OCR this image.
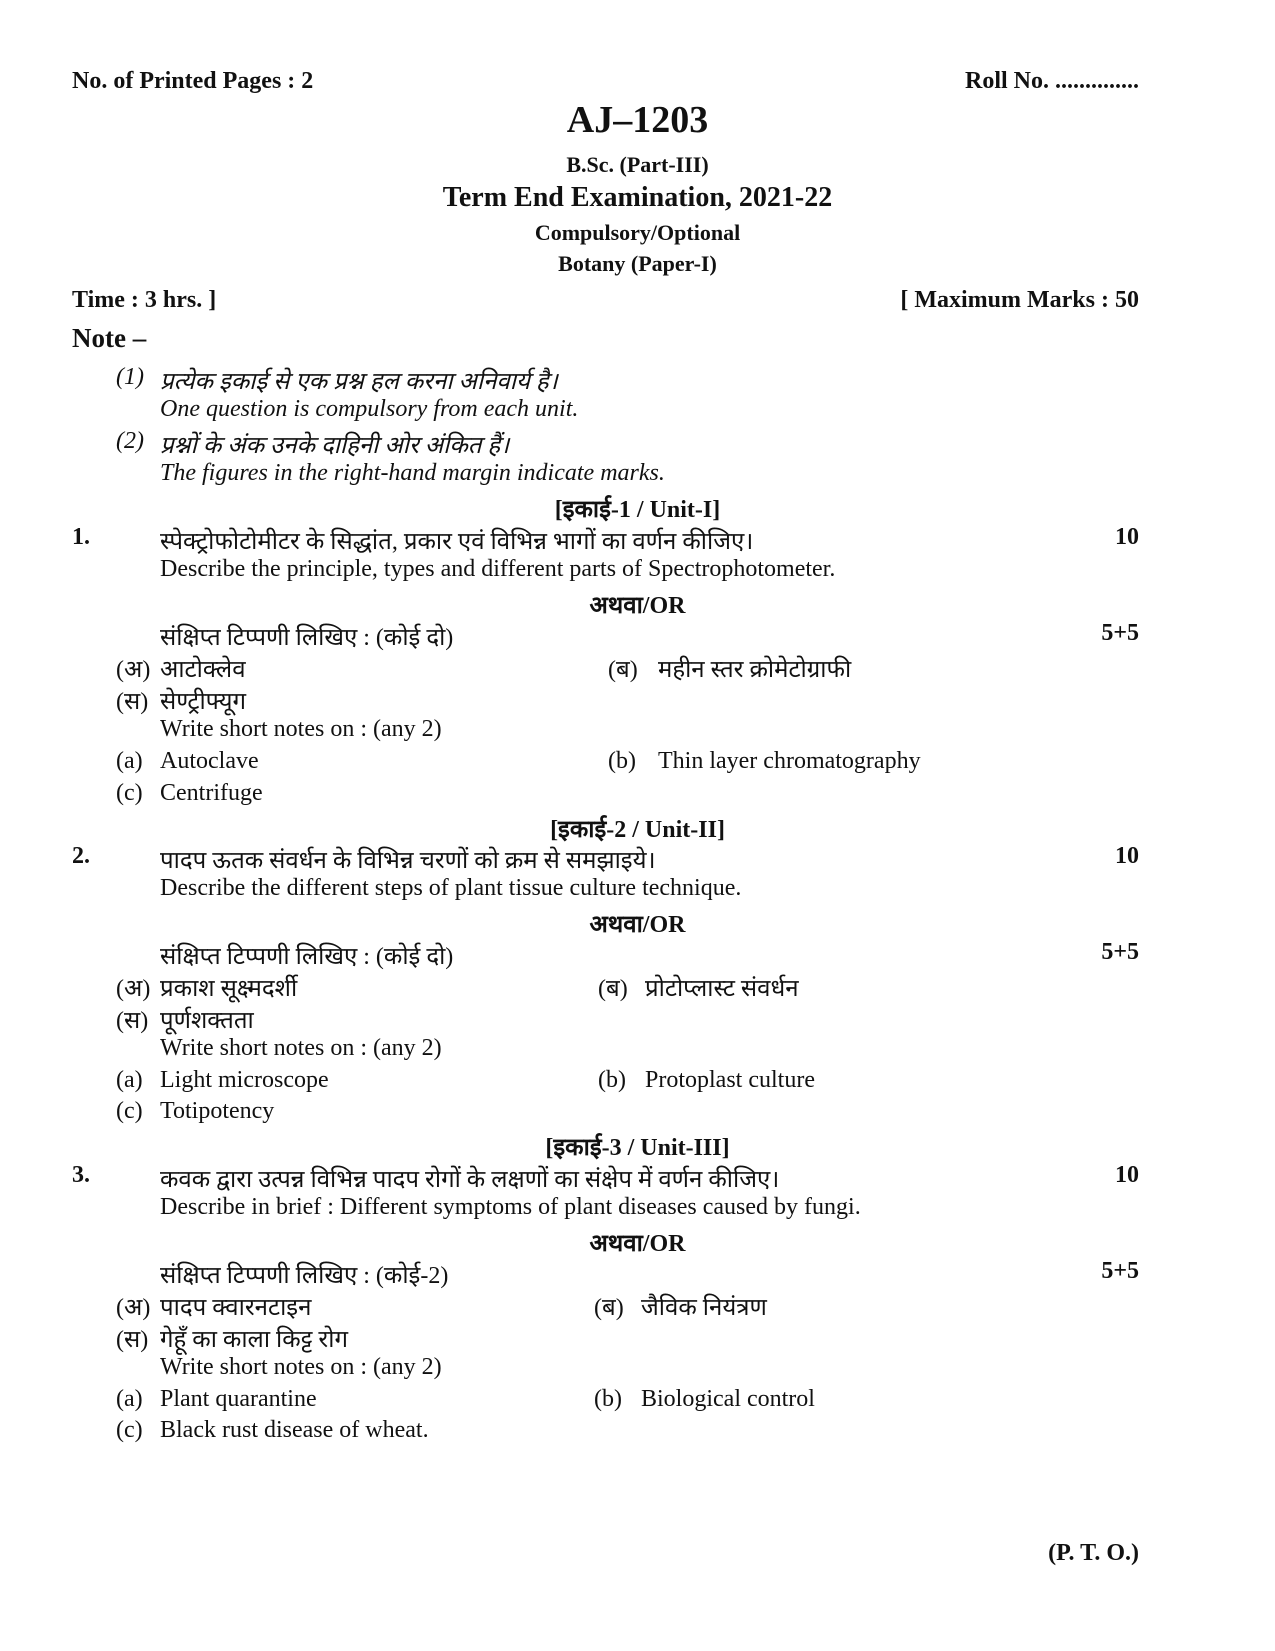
No. of Printed Pages : 2	Roll No. ..............
AJ–1203
B.Sc. (Part-III)
Term End Examination, 2021-22
Compulsory/Optional
Botany (Paper-I)
Time : 3 hrs. ]	[ Maximum Marks : 50
Note –
(1) प्रत्येक इकाई से एक प्रश्न हल करना अनिवार्य है।
One question is compulsory from each unit.
(2) प्रश्नों के अंक उनके दाहिनी ओर अंकित हैं।
The figures in the right-hand margin indicate marks.
[इकाई-1 / Unit-I]
1.	स्पेक्ट्रोफोटोमीटर के सिद्धांत, प्रकार एवं विभिन्न भागों का वर्णन कीजिए।	10
Describe the principle, types and different parts of Spectrophotometer.
अथवा/OR
संक्षिप्त टिप्पणी लिखिए : (कोई दो)	5+5
(अ) आटोक्लेव	(ब) महीन स्तर क्रोमेटोग्राफी
(स) सेण्ट्रीफ्यूग
Write short notes on : (any 2)
(a) Autoclave	(b) Thin layer chromatography
(c) Centrifuge
[इकाई-2 / Unit-II]
2.	पादप ऊतक संवर्धन के विभिन्न चरणों को क्रम से समझाइये।	10
Describe the different steps of plant tissue culture technique.
अथवा/OR
संक्षिप्त टिप्पणी लिखिए : (कोई दो)	5+5
(अ) प्रकाश सूक्ष्मदर्शी	(ब) प्रोटोप्लास्ट संवर्धन
(स) पूर्णशक्तता
Write short notes on : (any 2)
(a) Light microscope	(b) Protoplast culture
(c) Totipotency
[इकाई-3 / Unit-III]
3.	कवक द्वारा उत्पन्न विभिन्न पादप रोगों के लक्षणों का संक्षेप में वर्णन कीजिए।	10
Describe in brief : Different symptoms of plant diseases caused by fungi.
अथवा/OR
संक्षिप्त टिप्पणी लिखिए : (कोई-2)	5+5
(अ) पादप क्वारनटाइन	(ब) जैविक नियंत्रण
(स) गेहूँ का काला किट्ट रोग
Write short notes on : (any 2)
(a) Plant quarantine	(b) Biological control
(c) Black rust disease of wheat.
(P. T. O.)
